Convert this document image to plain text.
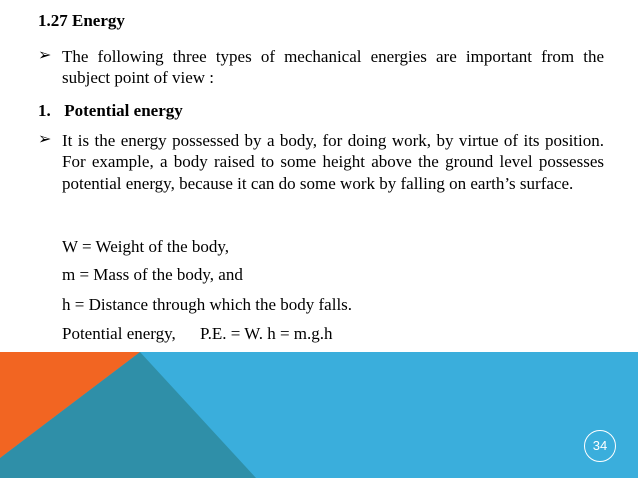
1.27 Energy
➢ The following three types of mechanical energies are important from the subject point of view :
1. Potential energy
➢ It is the energy possessed by a body, for doing work, by virtue of its position. For example, a body raised to some height above the ground level possesses potential energy, because it can do some work by falling on earth’s surface.
W = Weight of the body,
m = Mass of the body, and
h = Distance through which the body falls.
Potential energy, P.E. = W. h = m.g.h
34
